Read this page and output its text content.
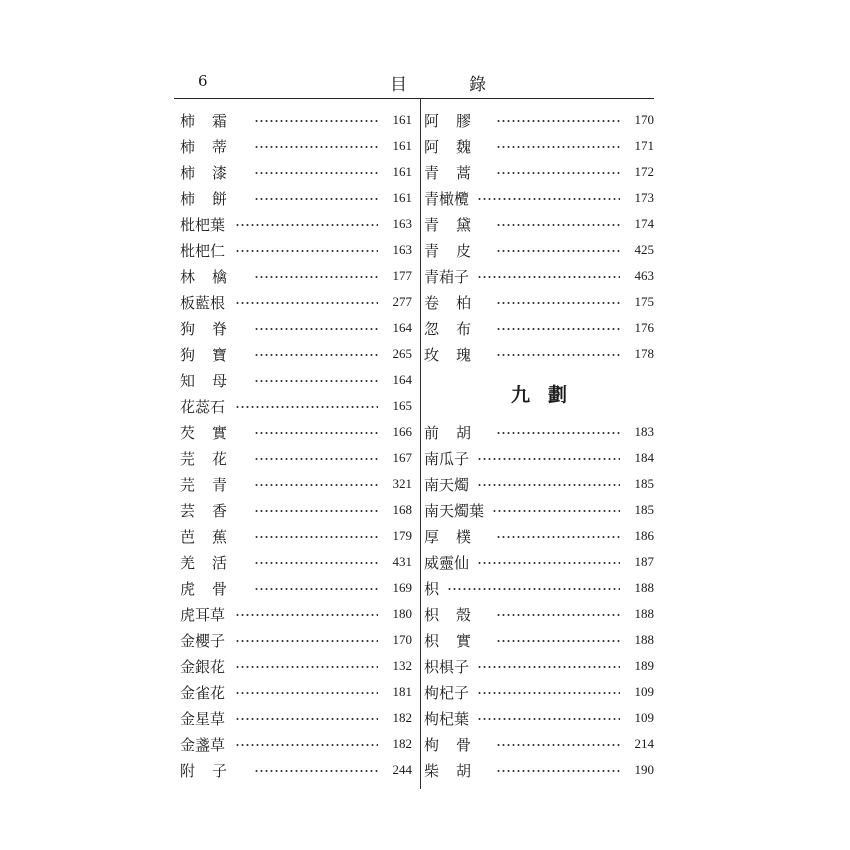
6	目錄
柿霜	161
柿蒂	161
柿漆	161
柿餅	161
枇杷葉	163
枇杷仁	163
林檎	177
板藍根	277
狗脊	164
狗寶	265
知母	164
花蕊石	165
芡實	166
芫花	167
芫青	321
芸香	168
芭蕉	179
羌活	431
虎骨	169
虎耳草	180
金櫻子	170
金銀花	132
金雀花	181
金星草	182
金盞草	182
附子	244
阿膠	170
阿魏	171
青蒿	172
青橄欖	173
青黛	174
青皮	425
青葙子	463
卷柏	175
忽布	176
玫瑰	178
九劃
前胡	183
南瓜子	184
南天燭	185
南天燭葉	185
厚樸	186
威靈仙	187
枳	188
枳殼	188
枳實	188
枳椇子	189
枸杞子	109
枸杞葉	109
枸骨	214
柴胡	190
